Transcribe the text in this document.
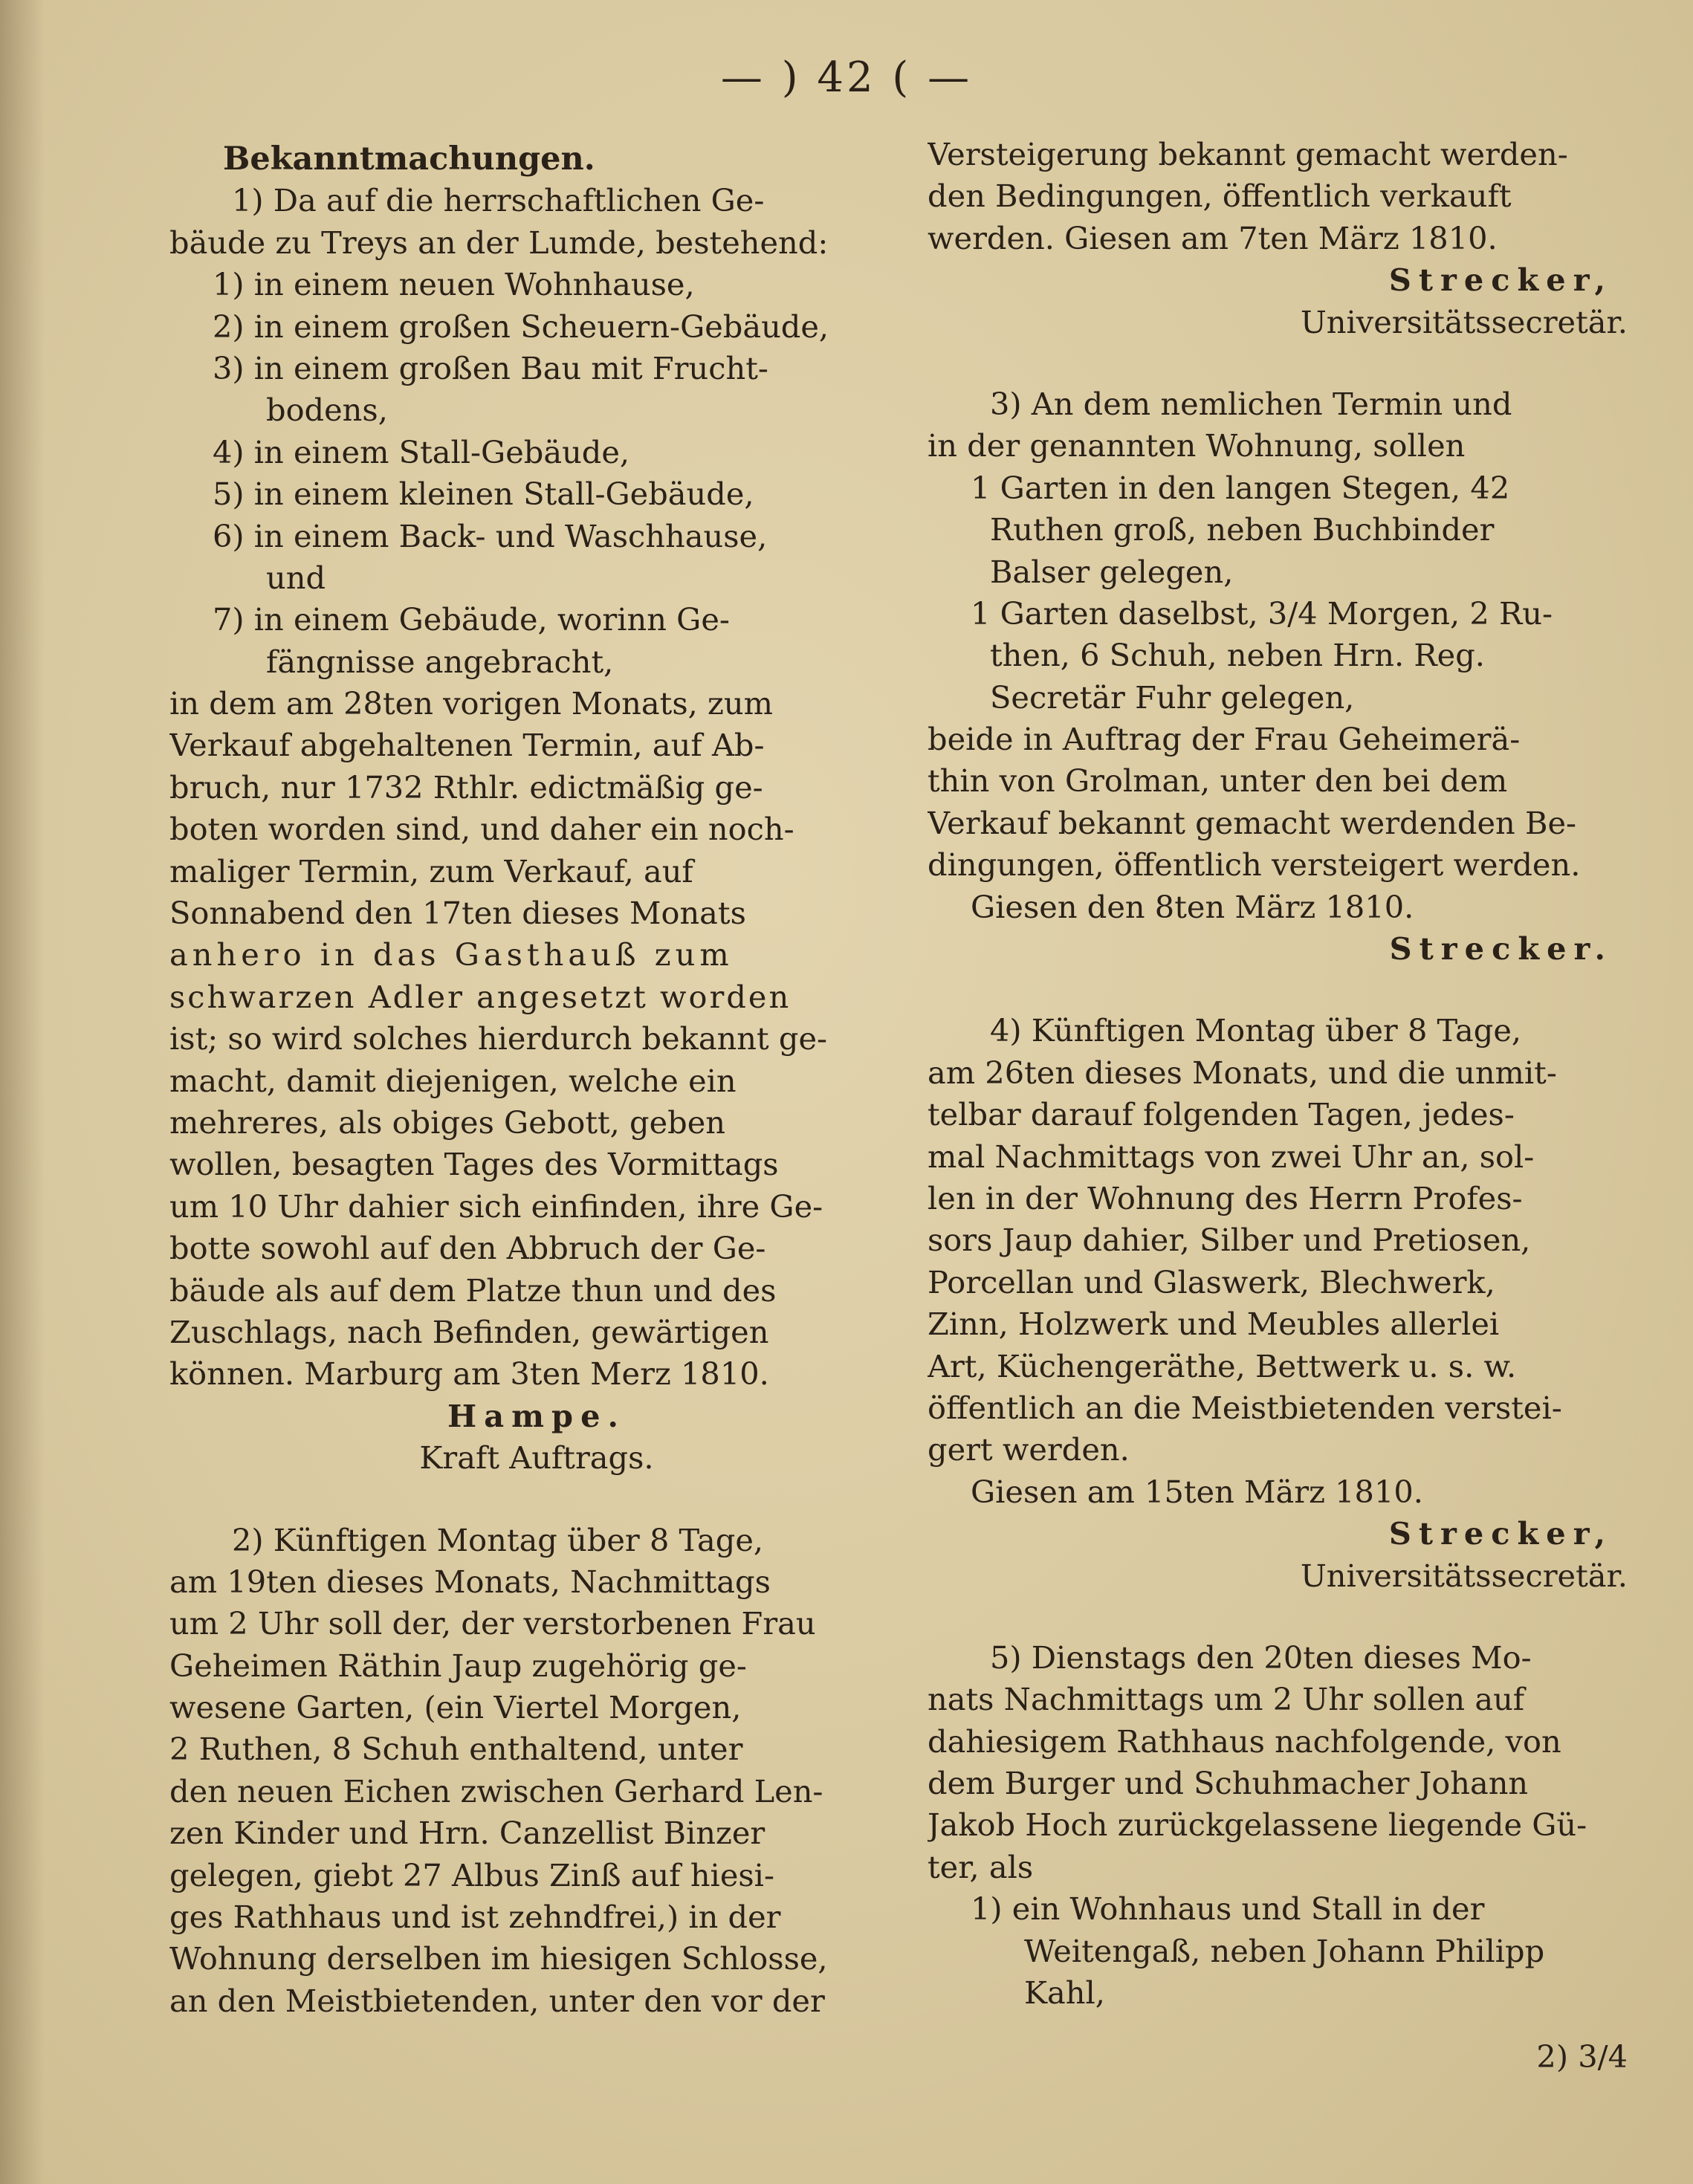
— ) 42 ( —
Bekanntmachungen.
1) Da auf die herrschaftlichen Ge-
bäude zu Treys an der Lumde, bestehend:
1) in einem neuen Wohnhause,
2) in einem großen Scheuern-Gebäude,
3) in einem großen Bau mit Frucht-
bodens,
4) in einem Stall-Gebäude,
5) in einem kleinen Stall-Gebäude,
6) in einem Back- und Waschhause,
und
7) in einem Gebäude, worinn Ge-
fängnisse angebracht,
in dem am 28ten vorigen Monats, zum
Verkauf abgehaltenen Termin, auf Ab-
bruch, nur 1732 Rthlr. edictmäßig ge-
boten worden sind, und daher ein noch-
maliger Termin, zum Verkauf, auf
Sonnabend den 17ten dieses Monats
anhero in das Gasthauß zum
schwarzen Adler angesetzt worden
ist; so wird solches hierdurch bekannt ge-
macht, damit diejenigen, welche ein
mehreres, als obiges Gebott, geben
wollen, besagten Tages des Vormittags
um 10 Uhr dahier sich einfinden, ihre Ge-
botte sowohl auf den Abbruch der Ge-
bäude als auf dem Platze thun und des
Zuschlags, nach Befinden, gewärtigen
können. Marburg am 3ten Merz 1810.
Hampe.
Kraft Auftrags.
2) Künftigen Montag über 8 Tage,
am 19ten dieses Monats, Nachmittags
um 2 Uhr soll der, der verstorbenen Frau
Geheimen Räthin Jaup zugehörig ge-
wesene Garten, (ein Viertel Morgen,
2 Ruthen, 8 Schuh enthaltend, unter
den neuen Eichen zwischen Gerhard Len-
zen Kinder und Hrn. Canzellist Binzer
gelegen, giebt 27 Albus Zinß auf hiesi-
ges Rathhaus und ist zehndfrei,) in der
Wohnung derselben im hiesigen Schlosse,
an den Meistbietenden, unter den vor der
Versteigerung bekannt gemacht werden-
den Bedingungen, öffentlich verkauft
werden. Giesen am 7ten März 1810.
Strecker,
Universitätssecretär.
3) An dem nemlichen Termin und
in der genannten Wohnung, sollen
1 Garten in den langen Stegen, 42
Ruthen groß, neben Buchbinder
Balser gelegen,
1 Garten daselbst, 3/4 Morgen, 2 Ru-
then, 6 Schuh, neben Hrn. Reg.
Secretär Fuhr gelegen,
beide in Auftrag der Frau Geheimerä-
thin von Grolman, unter den bei dem
Verkauf bekannt gemacht werdenden Be-
dingungen, öffentlich versteigert werden.
Giesen den 8ten März 1810.
Strecker.
4) Künftigen Montag über 8 Tage,
am 26ten dieses Monats, und die unmit-
telbar darauf folgenden Tagen, jedes-
mal Nachmittags von zwei Uhr an, sol-
len in der Wohnung des Herrn Profes-
sors Jaup dahier, Silber und Pretiosen,
Porcellan und Glaswerk, Blechwerk,
Zinn, Holzwerk und Meubles allerlei
Art, Küchengeräthe, Bettwerk u. s. w.
öffentlich an die Meistbietenden verstei-
gert werden.
Giesen am 15ten März 1810.
Strecker,
Universitätssecretär.
5) Dienstags den 20ten dieses Mo-
nats Nachmittags um 2 Uhr sollen auf
dahiesigem Rathhaus nachfolgende, von
dem Burger und Schuhmacher Johann
Jakob Hoch zurückgelassene liegende Gü-
ter, als
1) ein Wohnhaus und Stall in der
Weitengaß, neben Johann Philipp
Kahl,
2) 3/4
